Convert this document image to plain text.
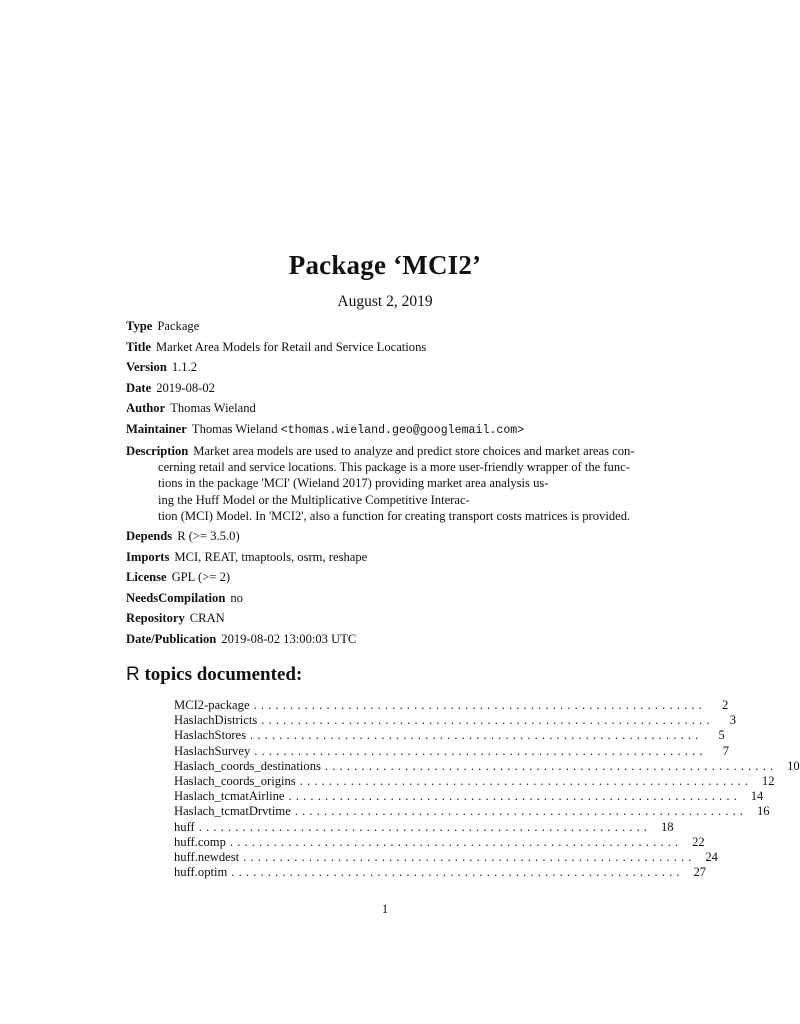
Package ‘MCI2’
August 2, 2019
Type Package
Title Market Area Models for Retail and Service Locations
Version 1.1.2
Date 2019-08-02
Author Thomas Wieland
Maintainer Thomas Wieland <thomas.wieland.geo@googlemail.com>
Description Market area models are used to analyze and predict store choices and market areas con-
cerning retail and service locations. This package is a more user-friendly wrapper of the func-
tions in the package 'MCI' (Wieland 2017) providing market area analysis us-
ing the Huff Model or the Multiplicative Competitive Interac-
tion (MCI) Model. In 'MCI2', also a function for creating transport costs matrices is provided.
Depends R (>= 3.5.0)
Imports MCI, REAT, tmaptools, osrm, reshape
License GPL (>= 2)
NeedsCompilation no
Repository CRAN
Date/Publication 2019-08-02 13:00:03 UTC
R topics documented:
MCI2-package . . . . . . . . . . . . . . . . . . . . . . . . . . . . . . . . . . . . . . . . . . . . . . . . . . . . . . . . . . . . . .	2
HaslachDistricts . . . . . . . . . . . . . . . . . . . . . . . . . . . . . . . . . . . . . . . . . . . . . . . . . . . . . . . . . . . . . .	3
HaslachStores . . . . . . . . . . . . . . . . . . . . . . . . . . . . . . . . . . . . . . . . . . . . . . . . . . . . . . . . . . . . . .	5
HaslachSurvey . . . . . . . . . . . . . . . . . . . . . . . . . . . . . . . . . . . . . . . . . . . . . . . . . . . . . . . . . . . . . .	7
Haslach_coords_destinations . . . . . . . . . . . . . . . . . . . . . . . . . . . . . . . . . . . . . . . . . . . . . . . . . . . . . . . . . . . . . .	10
Haslach_coords_origins . . . . . . . . . . . . . . . . . . . . . . . . . . . . . . . . . . . . . . . . . . . . . . . . . . . . . . . . . . . . . .	12
Haslach_tcmatAirline . . . . . . . . . . . . . . . . . . . . . . . . . . . . . . . . . . . . . . . . . . . . . . . . . . . . . . . . . . . . . .	14
Haslach_tcmatDrvtime . . . . . . . . . . . . . . . . . . . . . . . . . . . . . . . . . . . . . . . . . . . . . . . . . . . . . . . . . . . . . .	16
huff . . . . . . . . . . . . . . . . . . . . . . . . . . . . . . . . . . . . . . . . . . . . . . . . . . . . . . . . . . . . . .	18
huff.comp . . . . . . . . . . . . . . . . . . . . . . . . . . . . . . . . . . . . . . . . . . . . . . . . . . . . . . . . . . . . . .	22
huff.newdest . . . . . . . . . . . . . . . . . . . . . . . . . . . . . . . . . . . . . . . . . . . . . . . . . . . . . . . . . . . . . .	24
huff.optim . . . . . . . . . . . . . . . . . . . . . . . . . . . . . . . . . . . . . . . . . . . . . . . . . . . . . . . . . . . . . .	27
1
